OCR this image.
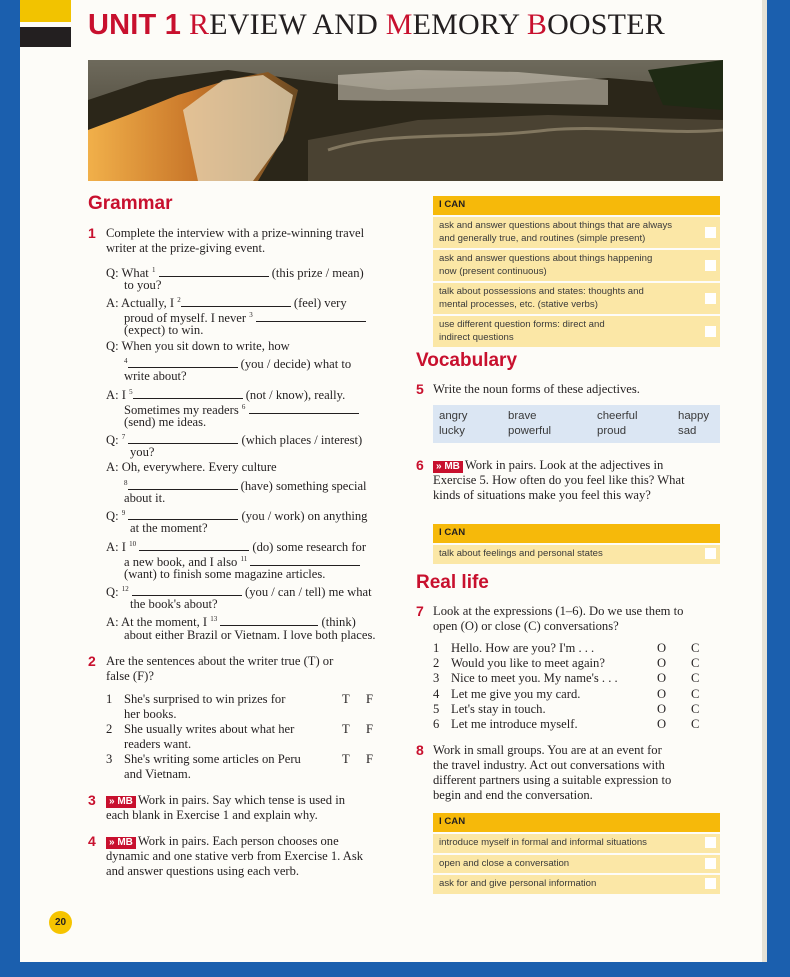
UNIT 1 REVIEW AND MEMORY BOOSTER
Grammar
1 Complete the interview with a prize-winning travel writer at the prize-giving event.
Q: What $^1$	(this prize / mean)
to you?
A: Actually, I $^2$	(feel) very
proud of myself. I never $^3$
(expect) to win.
Q: When you sit down to write, how
$^4$	(you / decide) what to
write about?
A: I $^5$	(not / know), really.
Sometimes my readers $^6$
(send) me ideas.
Q: $^7$	(which places / interest)
you?
A: Oh, everywhere. Every culture
$^8$	(have) something special
about it.
Q: $^9$	(you / work) on anything
at the moment?
A: I $^{10}$	(do) some research for
a new book, and I also $^{11}$
(want) to finish some magazine articles.
Q: $^{12}$	(you / can / tell) me what
the book's about?
A: At the moment, I $^{13}$	(think)
about either Brazil or Vietnam. I love both places.
2 Are the sentences about the writer true (T) or
false (F)?
1 She's surprised to win prizes for
her books.
T F
2 She usually writes about what her
readers want.
T F
3 She's writing some articles on Peru
and Vietnam.
T F
3	» MB Work in pairs. Say which tense is used in
each blank in Exercise 1 and explain why.
4	» MB Work in pairs. Each person chooses one
dynamic and one stative verb from Exercise 1. Ask
and answer questions using each verb.
I CAN
ask and answer questions about things that are always
and generally true, and routines (simple present)
ask and answer questions about things happening
now (present continuous)
talk about possessions and states: thoughts and
mental processes, etc. (stative verbs)
use different question forms: direct and
indirect questions
Vocabulary
5 Write the noun forms of these adjectives.
angry	brave	cheerful	happy
lucky	powerful	proud	sad
6	» MB Work in pairs. Look at the adjectives in
Exercise 5. How often do you feel like this? What
kinds of situations make you feel this way?
I CAN
talk about feelings and personal states
Real life
7 Look at the expressions (1–6). Do we use them to
open (O) or close (C) conversations?
1 Hello. How are you? I'm . . .	O C
2 Would you like to meet again?	O C
3 Nice to meet you. My name's . . .	O C
4 Let me give you my card.	O C
5 Let's stay in touch.	O C
6 Let me introduce myself.	O C
8 Work in small groups. You are at an event for
the travel industry. Act out conversations with
different partners using a suitable expression to
begin and end the conversation.
I CAN
introduce myself in formal and informal situations
open and close a conversation
ask for and give personal information
20
